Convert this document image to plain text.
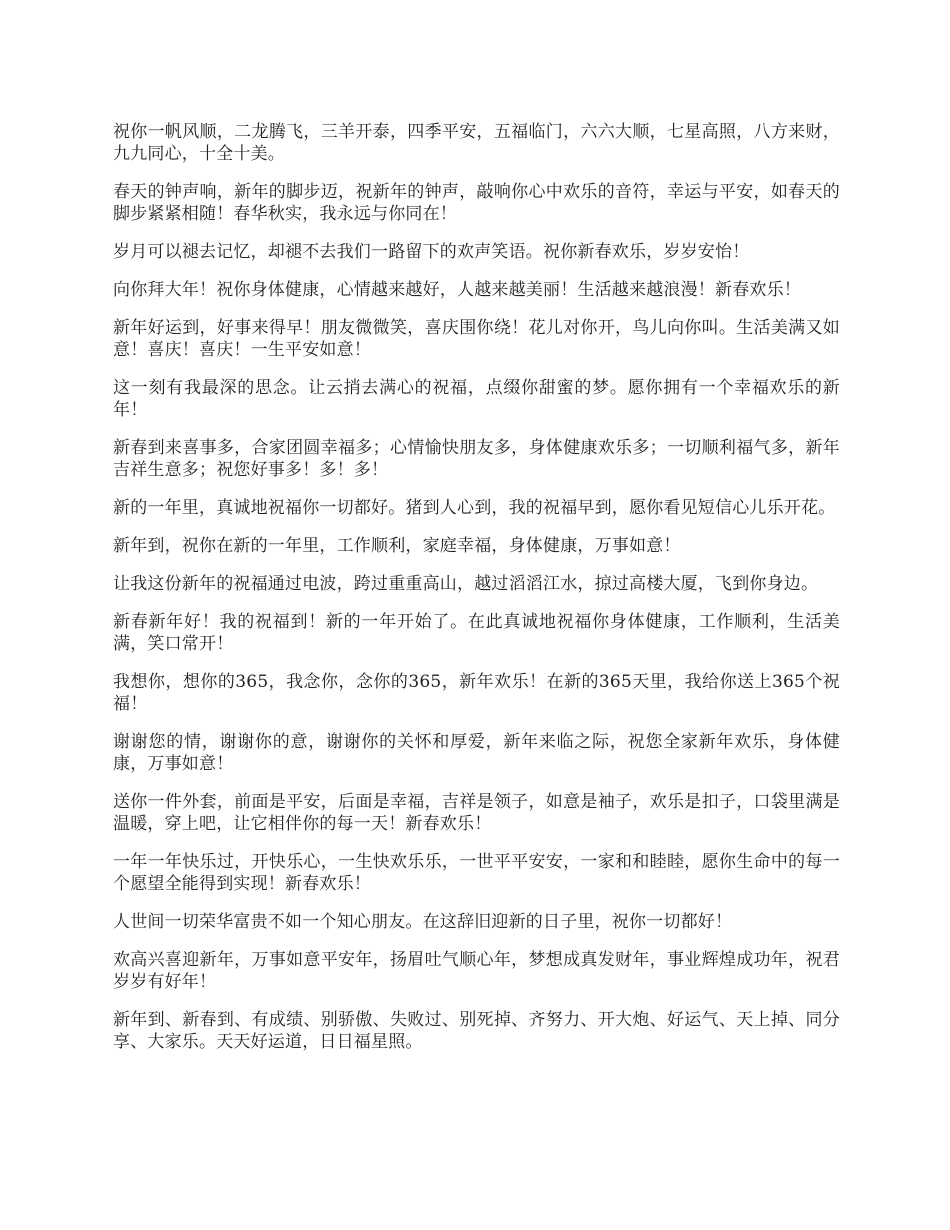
祝你一帆风顺，二龙腾飞，三羊开泰，四季平安，五福临门，六六大顺，七星高照，八方来财，九九同心，十全十美。

春天的钟声响，新年的脚步迈，祝新年的钟声，敲响你心中欢乐的音符，幸运与平安，如春天的脚步紧紧相随！春华秋实，我永远与你同在！

岁月可以褪去记忆，却褪不去我们一路留下的欢声笑语。祝你新春欢乐，岁岁安怡！

向你拜大年！祝你身体健康，心情越来越好，人越来越美丽！生活越来越浪漫！新春欢乐！

新年好运到，好事来得早！朋友微微笑，喜庆围你绕！花儿对你开，鸟儿向你叫。生活美满又如意！喜庆！喜庆！一生平安如意！

这一刻有我最深的思念。让云捎去满心的祝福，点缀你甜蜜的梦。愿你拥有一个幸福欢乐的新年！

新春到来喜事多，合家团圆幸福多；心情愉快朋友多，身体健康欢乐多；一切顺利福气多，新年吉祥生意多；祝您好事多！多！多！

新的一年里，真诚地祝福你一切都好。猪到人心到，我的祝福早到，愿你看见短信心儿乐开花。

新年到，祝你在新的一年里，工作顺利，家庭幸福，身体健康，万事如意！

让我这份新年的祝福通过电波，跨过重重高山，越过滔滔江水，掠过高楼大厦，飞到你身边。

新春新年好！我的祝福到！新的一年开始了。在此真诚地祝福你身体健康，工作顺利，生活美满，笑口常开！

我想你，想你的365，我念你，念你的365，新年欢乐！在新的365天里，我给你送上365个祝福！

谢谢您的情，谢谢你的意，谢谢你的关怀和厚爱，新年来临之际，祝您全家新年欢乐，身体健康，万事如意！

送你一件外套，前面是平安，后面是幸福，吉祥是领子，如意是袖子，欢乐是扣子，口袋里满是温暖，穿上吧，让它相伴你的每一天！新春欢乐！

一年一年快乐过，开快乐心，一生快欢乐乐，一世平平安安，一家和和睦睦，愿你生命中的每一个愿望全能得到实现！新春欢乐！

人世间一切荣华富贵不如一个知心朋友。在这辞旧迎新的日子里，祝你一切都好！

欢高兴喜迎新年，万事如意平安年，扬眉吐气顺心年，梦想成真发财年，事业辉煌成功年，祝君岁岁有好年！

新年到、新春到、有成绩、别骄傲、失败过、别死掉、齐努力、开大炮、好运气、天上掉、同分享、大家乐。天天好运道，日日福星照。
